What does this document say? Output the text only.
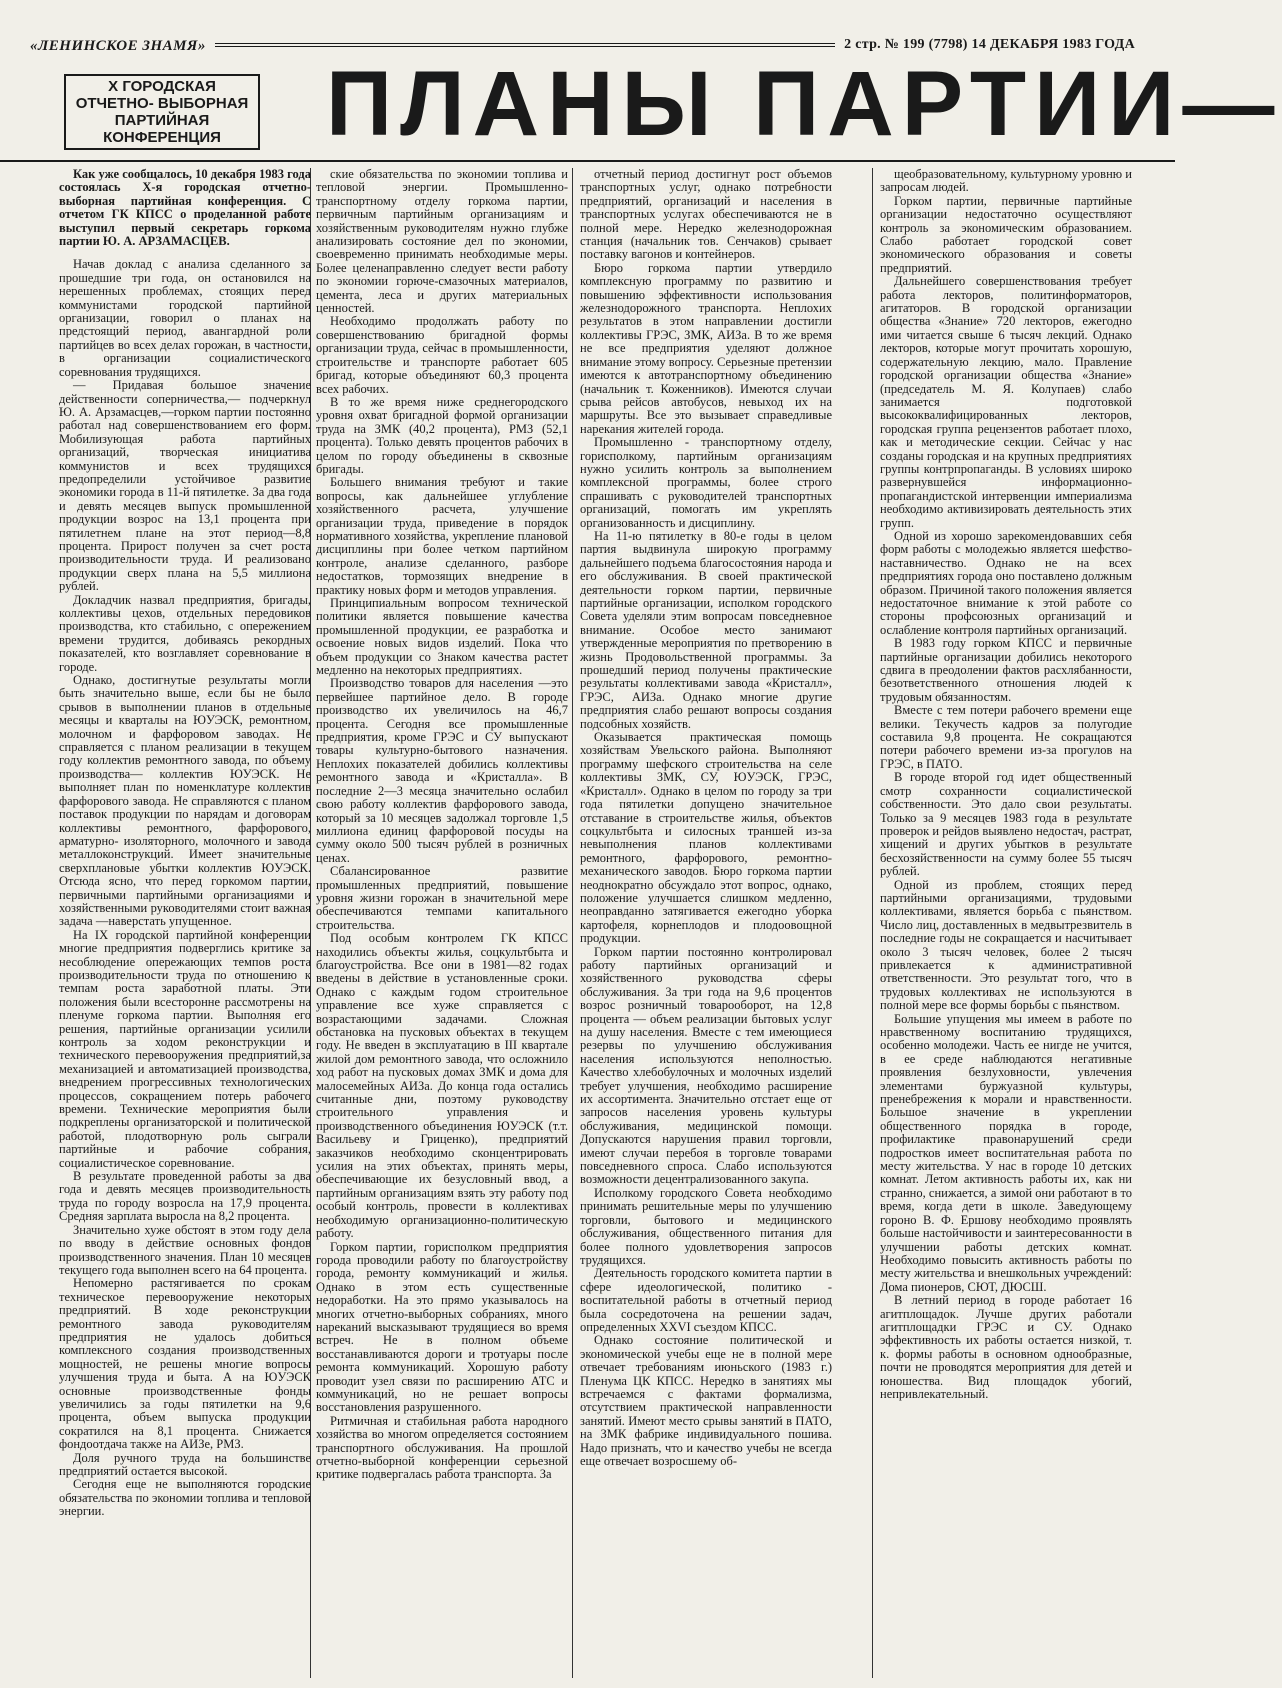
«ЛЕНИНСКОЕ ЗНАМЯ»	2 стр. № 199 (7798) 14 ДЕКАБРЯ 1983 ГОДА
X ГОРОДСКАЯ ОТЧЕТНО- ВЫБОРНАЯ ПАРТИЙНАЯ КОНФЕРЕНЦИЯ	ПЛАНЫ ПАРТИИ—

Как уже сообщалось, 10 декабря 1983 года состоялась Х-я городская отчетно- выборная партийная конференция. С отчетом ГК КПСС о проделанной работе выступил первый секретарь горкома партии Ю. А. АРЗАМАСЦЕВ.

Начав доклад с анализа сделанного за прошедшие три года, он остановился на нерешенных проблемах, стоящих перед коммунистами городской партийной организации, говорил о планах на предстоящий период, авангардной роли партийцев во всех делах горожан, в частности, в организации социалистического соревнования трудящихся.

— Придавая большое значение действенности соперничества,— подчеркнул Ю. А. Арзамасцев,—горком партии постоянно работал над совершенствованием его форм. Мобилизующая работа партийных организаций, творческая инициатива коммунистов и всех трудящихся предопределили устойчивое развитие экономики города в 11-й пятилетке. За два года и девять месяцев выпуск промышленной продукции возрос на 13,1 процента при пятилетнем плане на этот период—8,8 процента. Прирост получен за счет роста производительности труда. И реализовано продукции сверх плана на 5,5 миллиона рублей.

Докладчик назвал предприятия, бригады, коллективы цехов, отдельных передовиков производства, кто стабильно, с опережением времени трудится, добиваясь рекордных показателей, кто возглавляет соревнование в городе.

Однако, достигнутые результаты могли быть значительно выше, если бы не было срывов в выполнении планов в отдельные месяцы и кварталы на ЮУЭСК, ремонтном, молочном и фарфоровом заводах. Не справляется с планом реализации в текущем году коллектив ремонтного завода, по объему производства— коллектив ЮУЭСК. Не выполняет план по номенклатуре коллектив фарфорового завода. Не справляются с планом поставок продукции по нарядам и договорам коллективы ремонтного, фарфорового, арматурно- изоляторного, молочного и завода металлоконструкций. Имеет значительные сверхплановые убытки коллектив ЮУЭСК. Отсюда ясно, что перед горкомом партии, первичными партийными организациями и хозяйственными руководителями стоит важная задача —наверстать упущенное.

На IX городской партийной конференции многие предприятия подверглись критике за несоблюдение опережающих темпов роста производительности труда по отношению к темпам роста заработной платы. Эти положения были всесторонне рассмотрены на пленуме горкома партии. Выполняя его решения, партийные организации усилили контроль за ходом реконструкции и технического перевооружения предприятий,за механизацией и автоматизацией производства, внедрением прогрессивных технологических процессов, сокращением потерь рабочего времени. Технические мероприятия были подкреплены организаторской и политической работой, плодотворную роль сыграли партийные и рабочие собрания, социалистическое соревнование.

В результате проведенной работы за два года и девять месяцев производительность труда по городу возросла на 17,9 процента. Средняя зарплата выросла на 8,2 процента.

Значительно хуже обстоят в этом году дела по вводу в действие основных фондов производственного значения. План 10 месяцев текущего года выполнен всего на 64 процента.

Непомерно растягивается по срокам техническое перевооружение некоторых предприятий. В ходе реконструкции ремонтного завода руководителям предприятия не удалось добиться комплексного создания производственных мощностей, не решены многие вопросы улучшения труда и быта. А на ЮУЭСК основные производственные фонды увеличились за годы пятилетки на 9,6 процента, объем выпуска продукции сократился на 8,1 процента. Снижается фондоотдача также на АИЗе, РМЗ.

Доля ручного труда на большинстве предприятий остается высокой.

Сегодня еще не выполняются городские обязательства по экономии топлива и тепловой энергии.

ские обязательства по экономии топлива и тепловой энергии. Промышленно- транспортному отделу горкома партии, первичным партийным организациям и хозяйственным руководителям нужно глубже анализировать состояние дел по экономии, своевременно принимать необходимые меры. Более целенаправленно следует вести работу по экономии горюче-смазочных материалов, цемента, леса и других материальных ценностей.

Необходимо продолжать работу по совершенствованию бригадной формы организации труда, сейчас в промышленности, строительстве и транспорте работает 605 бригад, которые объединяют 60,3 процента всех рабочих.

В то же время ниже среднегородского уровня охват бригадной формой организации труда на ЗМК (40,2 процента), РМЗ (52,1 процента). Только девять процентов рабочих в целом по городу объединены в сквозные бригады.

Большего внимания требуют и такие вопросы, как дальнейшее углубление хозяйственного расчета, улучшение организации труда, приведение в порядок нормативного хозяйства, укрепление плановой дисциплины при более четком партийном контроле, анализе сделанного, разборе недостатков, тормозящих внедрение в практику новых форм и методов управления.

Принципиальным вопросом технической политики является повышение качества промышленной продукции, ее разработка и освоение новых видов изделий. Пока что объем продукции со Знаком качества растет медленно на некоторых предприятиях.

Производство товаров для населения —это первейшее партийное дело. В городе производство их увеличилось на 46,7 процента. Сегодня все промышленные предприятия, кроме ГРЭС и СУ выпускают товары культурно-бытового назначения. Неплохих показателей добились коллективы ремонтного завода и «Кристалла». В последние 2—3 месяца значительно ослабил свою работу коллектив фарфорового завода, который за 10 месяцев задолжал торговле 1,5 миллиона единиц фарфоровой посуды на сумму около 500 тысяч рублей в розничных ценах.

Сбалансированное развитие промышленных предприятий, повышение уровня жизни горожан в значительной мере обеспечиваются темпами капитального строительства.

Под особым контролем ГК КПСС находились объекты жилья, соцкультбыта и благоустройства. Все они в 1981—82 годах введены в действие в установленные сроки. Однако с каждым годом строительное управление все хуже справляется с возрастающими задачами. Сложная обстановка на пусковых объектах в текущем году. Не введен в эксплуатацию в III квартале жилой дом ремонтного завода, что осложнило ход работ на пусковых домах ЗМК и дома для малосемейных АИЗа. До конца года остались считанные дни, поэтому руководству строительного управления и производственного объединения ЮУЭСК (т.т. Васильеву и Гриценко), предприятий заказчиков необходимо сконцентрировать усилия на этих объектах, принять меры, обеспечивающие их безусловный ввод, а партийным организациям взять эту работу под особый контроль, провести в коллективах необходимую организационно-политическую работу.

Горком партии, горисполком предприятия города проводили работу по благоустройству города, ремонту коммуникаций и жилья. Однако в этом есть существенные недоработки. На это прямо указывалось на многих отчетно-выборных собраниях, много нареканий высказывают трудящиеся во время встреч. Не в полном объеме восстанавливаются дороги и тротуары после ремонта коммуникаций. Хорошую работу проводит узел связи по расширению АТС и коммуникаций, но не решает вопросы восстановления разрушенного.

Ритмичная и стабильная работа народного хозяйства во многом определяется состоянием транспортного обслуживания. На прошлой отчетно-выборной конференции серьезной критике подвергалась работа транспорта. За

отчетный период достигнут рост объемов транспортных услуг, однако потребности предприятий, организаций и населения в транспортных услугах обеспечиваются не в полной мере. Нередко железнодорожная станция (начальник тов. Сенчаков) срывает поставку вагонов и контейнеров.

Бюро горкома партии утвердило комплексную программу по развитию и повышению эффективности использования железнодорожного транспорта. Неплохих результатов в этом направлении достигли коллективы ГРЭС, ЗМК, АИЗа. В то же время не все предприятия уделяют должное внимание этому вопросу. Серьезные претензии имеются к автотранспортному объединению (начальник т. Коженников). Имеются случаи срыва рейсов автобусов, невыход их на маршруты. Все это вызывает справедливые нарекания жителей города.

Промышленно - транспортному отделу, горисполкому, партийным организациям нужно усилить контроль за выполнением комплексной программы, более строго спрашивать с руководителей транспортных организаций, помогать им укреплять организованность и дисциплину.

На 11-ю пятилетку в 80-е годы в целом партия выдвинула широкую программу дальнейшего подъема благосостояния народа и его обслуживания. В своей практической деятельности горком партии, первичные партийные организации, исполком городского Совета уделяли этим вопросам повседневное внимание. Особое место занимают утвержденные мероприятия по претворению в жизнь Продовольственной программы. За прошедший период получены практические результаты коллективами завода «Кристалл», ГРЭС, АИЗа. Однако многие другие предприятия слабо решают вопросы создания подсобных хозяйств.

Оказывается практическая помощь хозяйствам Увельского района. Выполняют программу шефского строительства на селе коллективы ЗМК, СУ, ЮУЭСК, ГРЭС, «Кристалл». Однако в целом по городу за три года пятилетки допущено значительное отставание в строительстве жилья, объектов соцкультбыта и силосных траншей из-за невыполнения планов коллективами ремонтного, фарфорового, ремонтно-механического заводов. Бюро горкома партии неоднократно обсуждало этот вопрос, однако, положение улучшается слишком медленно, неоправданно затягивается ежегодно уборка картофеля, корнеплодов и плодоовощной продукции.

Горком партии постоянно контролировал работу партийных организаций и хозяйственного руководства сферы обслуживания. За три года на 9,6 процентов возрос розничный товарооборот, на 12,8 процента — объем реализации бытовых услуг на душу населения. Вместе с тем имеющиеся резервы по улучшению обслуживания населения используются неполностью. Качество хлебобулочных и молочных изделий требует улучшения, необходимо расширение их ассортимента. Значительно отстает еще от запросов населения уровень культуры обслуживания, медицинской помощи. Допускаются нарушения правил торговли, имеют случаи перебоя в торговле товарами повседневного спроса. Слабо используются возможности децентрализованного закупа.

Исполкому городского Совета необходимо принимать решительные меры по улучшению торговли, бытового и медицинского обслуживания, общественного питания для более полного удовлетворения запросов трудящихся.

Деятельность городского комитета партии в сфере идеологической, политико - воспитательной работы в отчетный период была сосредоточена на решении задач, определенных XXVI съездом КПСС.

Однако состояние политической и экономической учебы еще не в полной мере отвечает требованиям июньского (1983 г.) Пленума ЦК КПСС. Нередко в занятиях мы встречаемся с фактами формализма, отсутствием практической направленности занятий. Имеют место срывы занятий в ПАТО, на ЗМК фабрике индивидуального пошива. Надо признать, что и качество учебы не всегда еще отвечает возросшему об-

щеобразовательному, культурному уровню и запросам людей.

Горком партии, первичные партийные организации недостаточно осуществляют контроль за экономическим образованием. Слабо работает городской совет экономического образования и советы предприятий.

Дальнейшего совершенствования требует работа лекторов, политинформаторов, агитаторов. В городской организации общества «Знание» 720 лекторов, ежегодно ими читается свыше 6 тысяч лекций. Однако лекторов, которые могут прочитать хорошую, содержательную лекцию, мало. Правление городской организации общества «Знание» (председатель М. Я. Колупаев) слабо занимается подготовкой высококвалифицированных лекторов, городская группа рецензентов работает плохо, как и методические секции. Сейчас у нас созданы городская и на крупных предприятиях группы контрпропаганды. В условиях широко развернувшейся информационно-пропагандистской интервенции империализма необходимо активизировать деятельность этих групп.

Одной из хорошо зарекомендовавших себя форм работы с молодежью является шефство-наставничество. Однако не на всех предприятиях города оно поставлено должным образом. Причиной такого положения является недостаточное внимание к этой работе со стороны профсоюзных организаций и ослабление контроля партийных организаций.

В 1983 году горком КПСС и первичные партийные организации добились некоторого сдвига в преодолении фактов расхлябанности, безответственного отношения людей к трудовым обязанностям.

Вместе с тем потери рабочего времени еще велики. Текучесть кадров за полугодие составила 9,8 процента. Не сокращаются потери рабочего времени из-за прогулов на ГРЭС, в ПАТО.

В городе второй год идет общественный смотр сохранности социалистической собственности. Это дало свои результаты. Только за 9 месяцев 1983 года в результате проверок и рейдов выявлено недостач, растрат, хищений и других убытков в результате бесхозяйственности на сумму более 55 тысяч рублей.

Одной из проблем, стоящих перед партийными организациями, трудовыми коллективами, является борьба с пьянством. Число лиц, доставленных в медвытрезвитель в последние годы не сокращается и насчитывает около 3 тысяч человек, более 2 тысяч привлекается к административной ответственности. Это результат того, что в трудовых коллективах не используются в полной мере все формы борьбы с пьянством.

Большие упущения мы имеем в работе по нравственному воспитанию трудящихся, особенно молодежи. Часть ее нигде не учится, в ее среде наблюдаются негативные проявления безлуховности, увлечения элементами буржуазной культуры, пренебрежения к морали и нравственности. Большое значение в укреплении общественного порядка в городе, профилактике правонарушений среди подростков имеет воспитательная работа по месту жительства. У нас в городе 10 детских комнат. Летом активность работы их, как ни странно, снижается, а зимой они работают в то время, когда дети в школе. Заведующему гороно В. Ф. Ершову необходимо проявлять больше настойчивости и заинтересованности в улучшении работы детских комнат. Необходимо повысить активность работы по месту жительства и внешкольных учреждений: Дома пионеров, СЮТ, ДЮСШ.

В летний период в городе работает 16 агитплощадок. Лучше других работали агитплощадки ГРЭС и СУ. Однако эффективность их работы остается низкой, т. к. формы работы в основном однообразные, почти не проводятся мероприятия для детей и юношества. Вид площадок убогий, непривлекательный.
